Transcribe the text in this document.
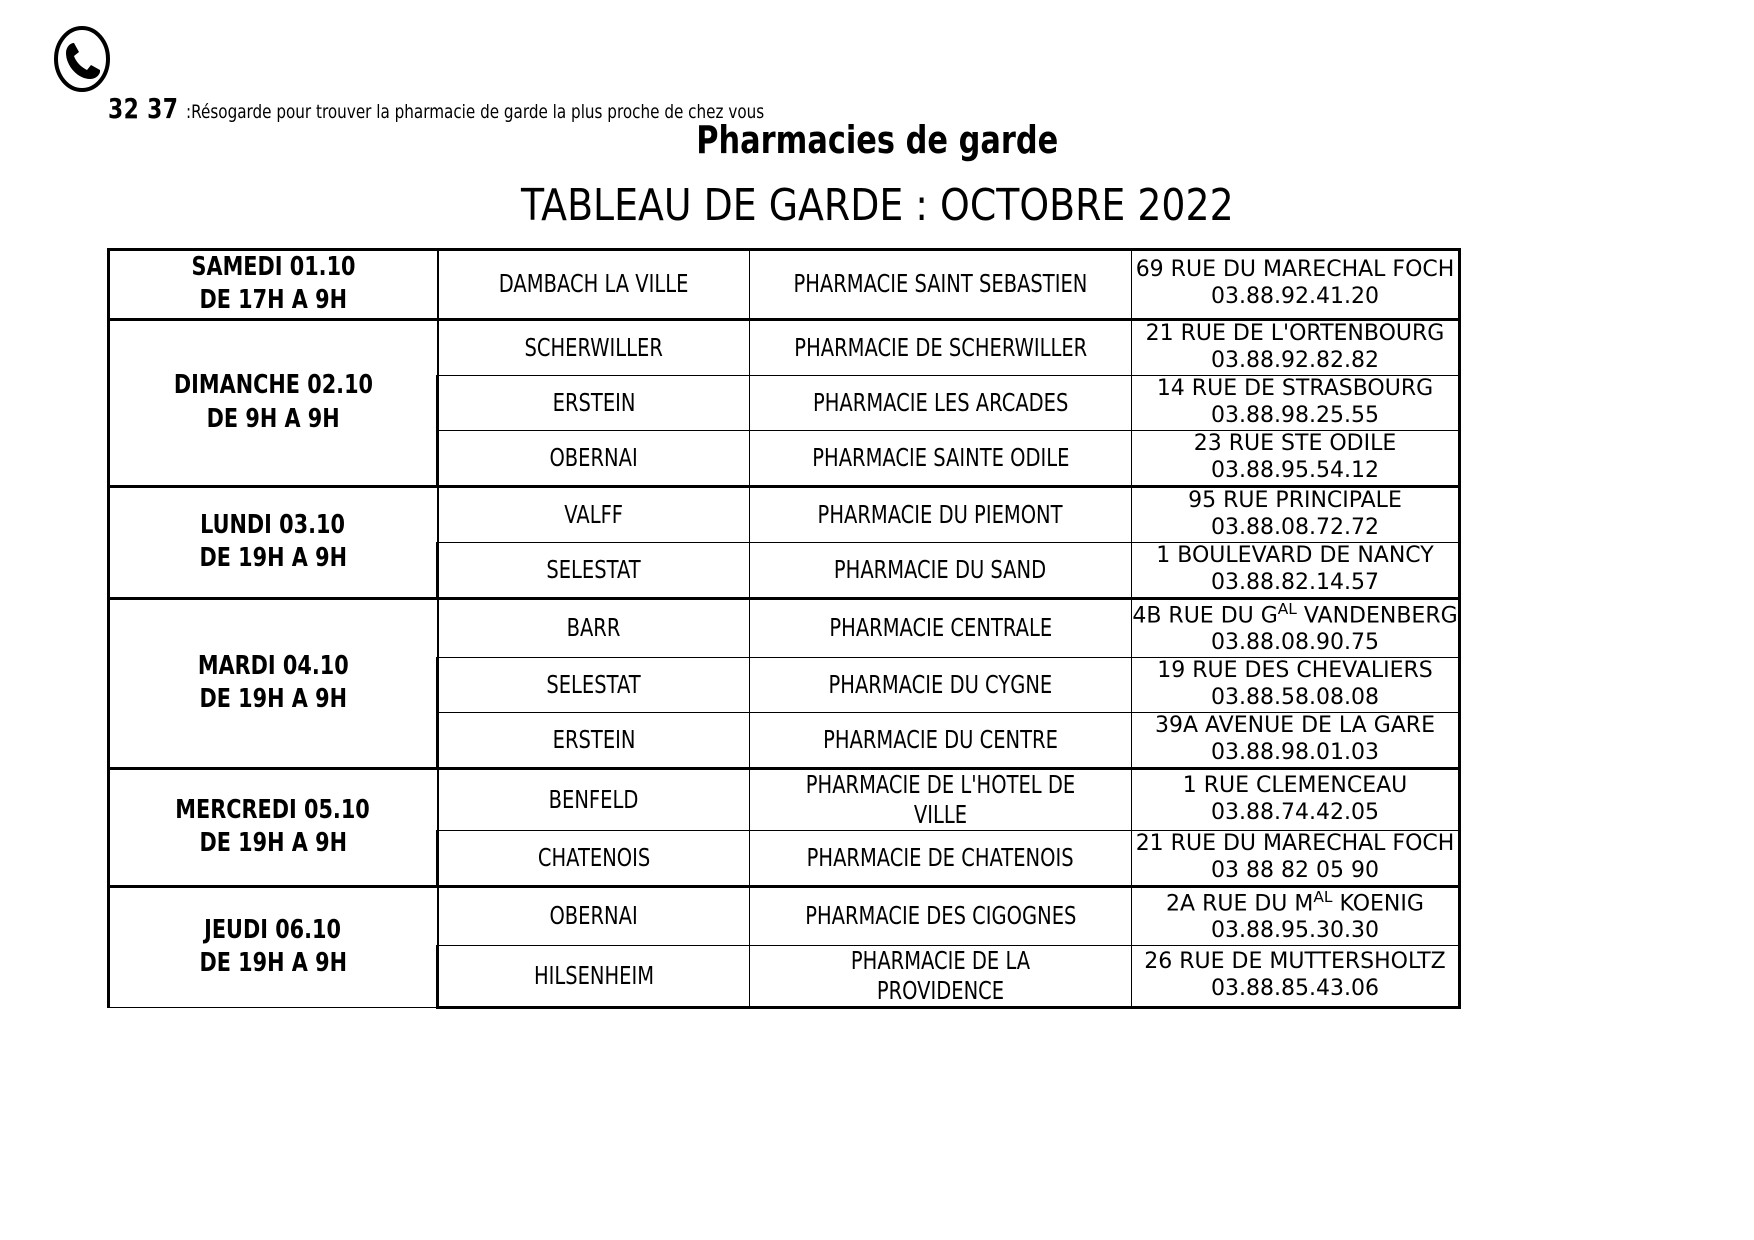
32 37 :Résogarde pour trouver la pharmacie de garde la plus proche de chez vous
Pharmacies de garde
TABLEAU DE GARDE : OCTOBRE 2022
SAMEDI 01.10
DE 17H A 9H
	DAMBACH LA VILLE	PHARMACIE SAINT SEBASTIEN	69 RUE DU MARECHAL FOCH
03.88.92.41.20

DIMANCHE 02.10
DE 9H A 9H
	SCHERWILLER	PHARMACIE DE SCHERWILLER	21 RUE DE L'ORTENBOURG
03.88.92.82.82

	ERSTEIN	PHARMACIE LES ARCADES	14 RUE DE STRASBOURG
03.88.98.25.55

	OBERNAI	PHARMACIE SAINTE ODILE	23 RUE STE ODILE
03.88.95.54.12

LUNDI 03.10
DE 19H A 9H
	VALFF	PHARMACIE DU PIEMONT	95 RUE PRINCIPALE
03.88.08.72.72

	SELESTAT	PHARMACIE DU SAND	1 BOULEVARD DE NANCY
03.88.82.14.57

MARDI 04.10
DE 19H A 9H
	BARR	PHARMACIE CENTRALE	4B RUE DU $G^{AL}$ VANDENBERG
03.88.08.90.75

	SELESTAT	PHARMACIE DU CYGNE	19 RUE DES CHEVALIERS
03.88.58.08.08

	ERSTEIN	PHARMACIE DU CENTRE	39A AVENUE DE LA GARE
03.88.98.01.03

MERCREDI 05.10
DE 19H A 9H
	BENFELD	PHARMACIE DE L'HOTEL DE VILLE	
1 RUE CLEMENCEAU
03.88.74.42.05

	CHATENOIS	PHARMACIE DE CHATENOIS	21 RUE DU MARECHAL FOCH
03 88 82 05 90

JEUDI 06.10
DE 19H A 9H
	OBERNAI	PHARMACIE DES CIGOGNES	2A RUE DU $M^{AL}$ KOENIG
03.88.95.30.30

	HILSENHEIM	PHARMACIE DE LA PROVIDENCE	26 RUE DE MUTTERSHOLTZ
03.88.85.43.06
